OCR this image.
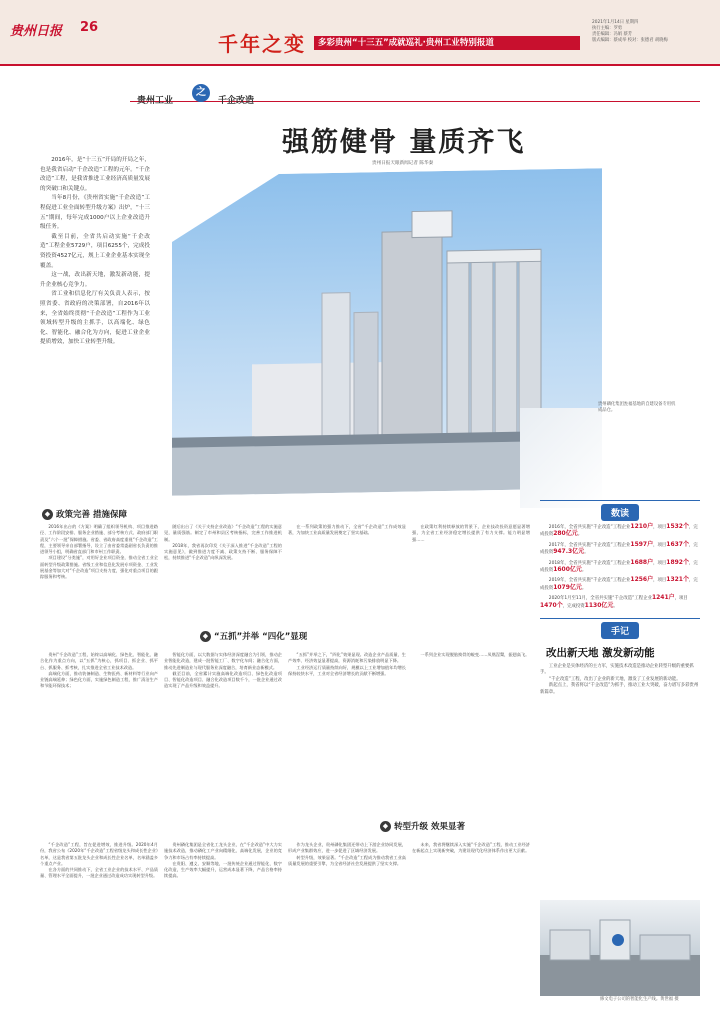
贵州日报 26
千年之变	多彩贵州“十三五”成就巡礼·贵州工业特别报道
2021年1月14日 星期四
执行主编：罗勇
责任编辑：冯娟 蔡芳
版式编辑：蔡成举 校对：张德君 胡晓梅
贵州工业
之
千企改造
强筋健骨 量质齐飞
贵州日报天眼新闻记者 陈华秦

2016年，是“十三五”开局的开局之年，也是我省启动“千企改造”工程的元年。“千企改造”工程，是我省推进工业经济高质量发展的突破口和关键点。

当年8月份，《贵州省实施“千企改造”工程促进工业全面转型升级方案》出炉，“十三五”期间，每年完成1000户以上企业改造升级任务。

截至目前，全省共启动实施“千企改造”工程企业5729户，项目6255个，完成投资投资4527亿元，规上工业企业基本实现全覆盖。

这一战，改出新天地，激发新动能，提升企业核心竞争力。

省工业和信息化厅有关负责人表示，按照省委、省政府的决策部署，自2016年以来，全省始终贯彻“千企改造”工程作为工业领域转型升级的主抓手，以高端化、绿色化、智能化、融合化为方向，促进工业企业提质增效，加快工业转型升级。

贵州磷化集团瓮福基地的自建设备专用机成品仓。
◆ 政策完善 措施保障

2016年出台的《方案》明确了组织领导机构、项目推进路径、工作阶段安排、服务企业措施、部分考核方式、政府部门职责及“六个一批”保障措施。省委、省政府高度重视“千企改造”工程，主要领导亲自部署指导，设立了由省委常委副省长负责的推进领导小组，明确省直部门和市州工作职责。

项目建设“分类施”，对用好企业项目资金，推动全省工业全面转型升级政策措施。省级工业和信息化发展专项资金、工业发展基金等加大对“千企改造”项目支持力度，强化对重点项目的跟踪服务和考核。

随后出台了《关于支持企业改造》“千企改造”工程的实施意见，量质强筋。制定了市州和县区考核指标，完善工作推进机制。

2018年，我省再次印发《关于深入推进“千企改造”工程的实施意见》，做到推进力度不减、政策支持不断、服务保障不松，持续推进“千企改造”向纵深发展。

在一系列政策的强力推动下，全省“千企改造”工作成效显著，为加快工业高质量发展奠定了坚实基础。

在政策红利持续释放的背景下，企业技改投资意愿显著增强，为全省工业经济稳定增长提供了有力支撑。能力明显增强……

◆ “五抓”并举 “四化”显现

贵州“千企改造”工程，始终以高端化、绿色化、智能化、融合化作为重点方向，以“五抓”为核心，抓项目、抓企业、抓平台、抓服务、抓考核，扎实推进全省工业技术改造。

高端化方面，推动装备制造、生物医药、新材料等行业向产业链高端延伸；绿色化方面，实施绿色制造工程，推广清洁生产和节能环保技术；

智能化方面，以大数据与实体经济深度融合为引领，推动企业智能化改造，建成一批智能工厂、数字化车间；融合化方面，推动先进制造业与现代服务业深度融合，培育新业态新模式。

截至目前，全省累计实施高端化改造项目、绿色化改造项目、智能化改造项目、融合化改造项目数千个，一批企业通过改造实现了产品升级和效益提升。

“五抓”并举之下，“四化”效果显现。改造企业产品质量、生产效率、经济效益显著提高，资源消耗和污染排放明显下降。

工业经济运行质量持续向好，规模以上工业增加值年均增长保持较快水平，工业对全省经济增长的贡献不断增强。

一系列企业实现脱胎换骨的蜕变……凤凰涅槃，振翅高飞。

◆ 转型升级 效果显著

“千企改造”工程，旨在促进增效，推进升级。2020年4月份，我省公布《2020年“千企改造”工程省级龙头和成长性企业》名单，这是我省第五批龙头企业和成长性企业名单，名单涵盖多个重点产业。

在各方面的共同推动下，全省工业企业的技术水平、产品质量、管理水平全面提升，一批企业通过改造成功实现转型升级。

贵州磷化集团是全省化工龙头企业，在“千企改造”中大力实施技术改造，推动磷化工产业向精细化、高端化发展，企业的竞争力和市场占有率持续提高。

在贵阳、遵义、安顺等地，一批传统企业通过智能化、数字化改造，生产效率大幅提升，运营成本显著下降，产品合格率持续提高。

作为龙头企业，贵州磷化集团还带动上下游企业协同发展，形成产业集群效应，进一步促进了区域经济发展。

转型升级，效果显著。“千企改造”工程成为推动我省工业高质量发展的重要引擎，为全省经济社会发展提供了坚实支撑。

未来，我省将继续深入实施“千企改造”工程，推动工业经济在新起点上实现新突破，为建设现代化经济体系作出更大贡献。

数读

2016年，全省共实施“千企改造”工程企业1210户，项目1532个，完成投资280亿元。

2017年，全省共实施“千企改造”工程企业1597户，项目1637个，完成投资947.3亿元。

2018年，全省共实施“千企改造”工程企业1688户，项目1892个，完成投资1600亿元。

2019年，全省共实施“千企改造”工程企业1256户，项目1321个，完成投资1079亿元。

2020年1月至11月，全省共实施“千企改造”工程企业1241户，项目1470个，完成投资1130亿元。

手记
改出新天地 激发新动能

工业企业是实体经济的主力军，实施技术改造是推动企业转型升级的重要抓手。

“千企改造”工程，改出了企业的新天地，激发了工业发展的新动能。

新起点上，我省将以“千企改造”为抓手，推动工业大突破，奋力谱写多彩贵州新篇章。

修文电子公司的智能化生产线。黄世福 摄
